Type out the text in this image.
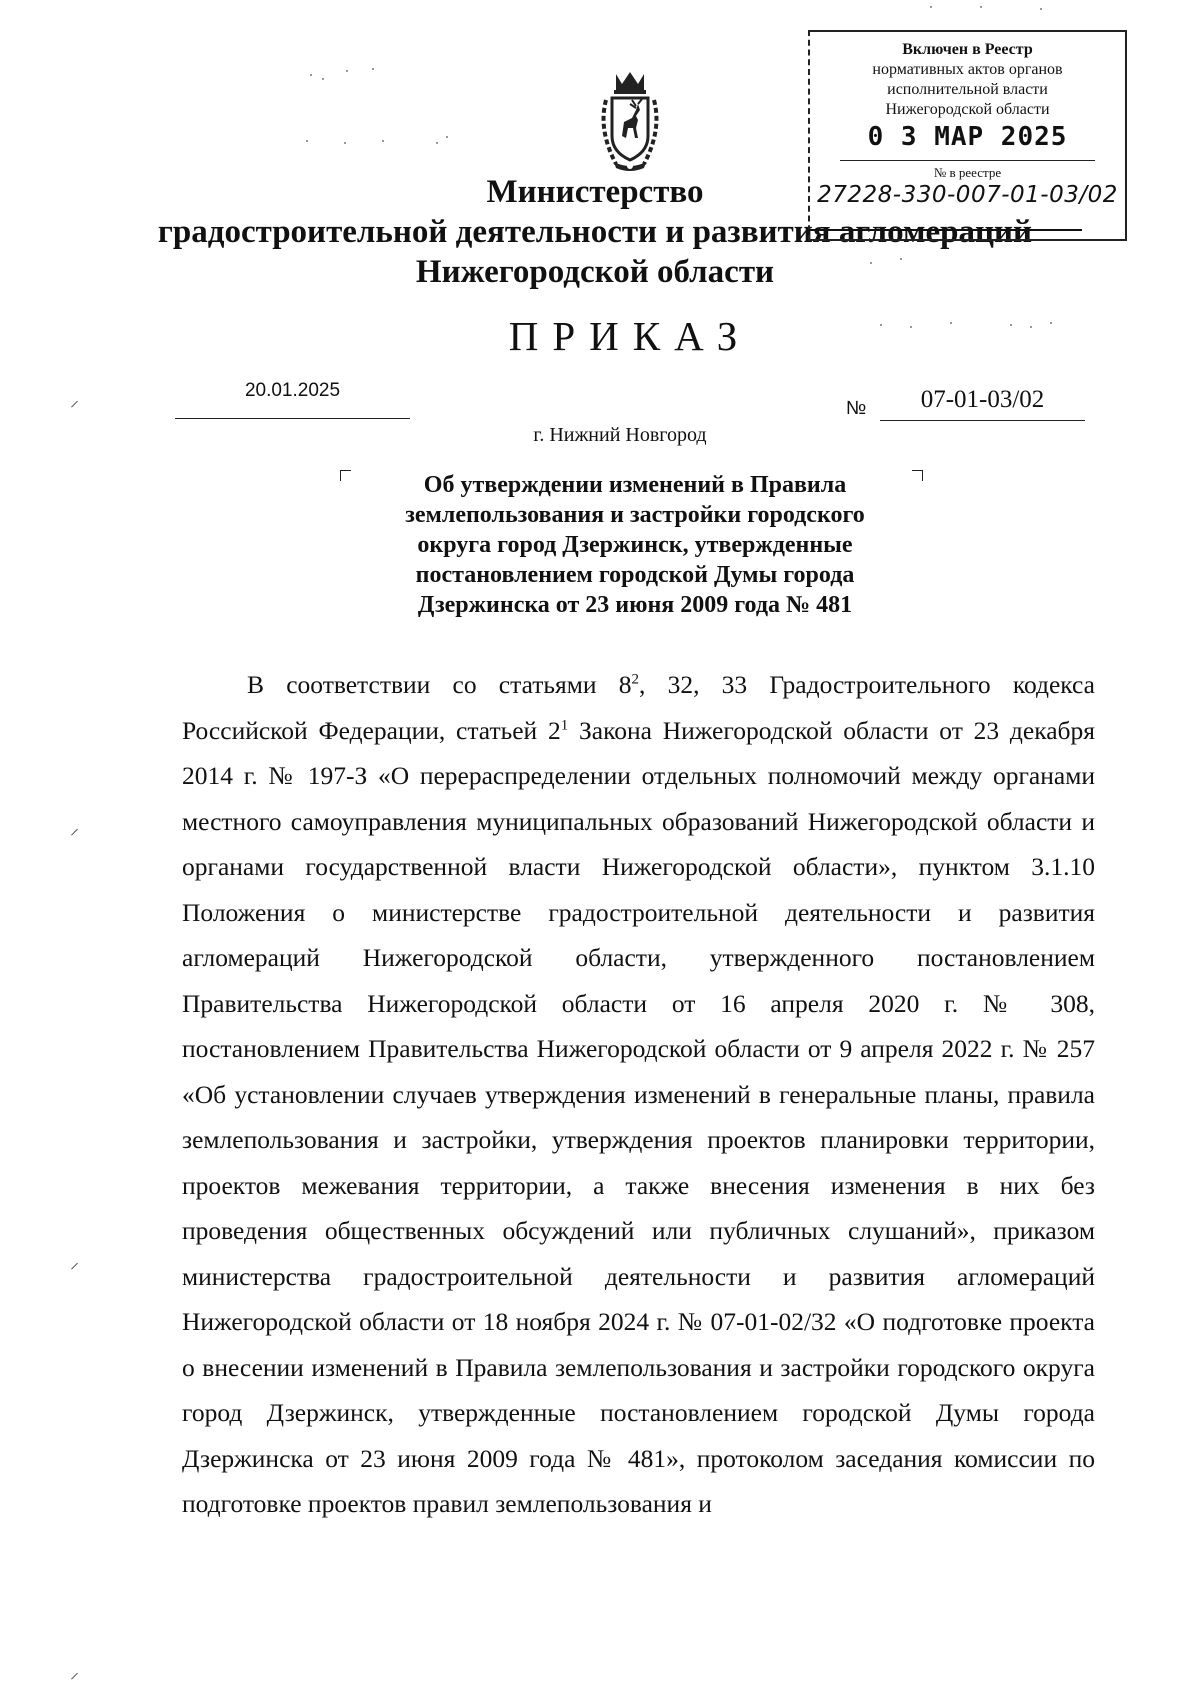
Министерство
градостроительной деятельности и развития агломераций
Нижегородской области
ПРИКАЗ
20.01.2025
№	07-01-03/02
г. Нижний Новгород
Об утверждении изменений в Правила
землепользования и застройки городского
округа город Дзержинск, утвержденные
постановлением городской Думы города
Дзержинска от 23 июня 2009 года № 481
В соответствии со статьями $8^2$, 32, 33 Градостроительного кодекса Российской Федерации, статьей $2^1$ Закона Нижегородской области от 23 декабря 2014 г. № 197-З «О перераспределении отдельных полномочий между органами местного самоуправления муниципальных образований Нижегородской области и органами государственной власти Нижегородской области», пунктом 3.1.10 Положения о министерстве градостроительной деятельности и развития агломераций Нижегородской области, утвержденного постановлением Правительства Нижегородской области от 16 апреля 2020 г. № 308, постановлением Правительства Нижегородской области от 9 апреля 2022 г. № 257 «Об установлении случаев утверждения изменений в генеральные планы, правила землепользования и застройки, утверждения проектов планировки территории, проектов межевания территории, а также внесения изменения в них без проведения общественных обсуждений или публичных слушаний», приказом министерства градостроительной деятельности и развития агломераций Нижегородской области от 18 ноября 2024 г. № 07-01-02/32 «О подготовке проекта о внесении изменений в Правила землепользования и застройки городского округа город Дзержинск, утвержденные постановлением городской Думы города Дзержинска от 23 июня 2009 года № 481», протоколом заседания комиссии по подготовке проектов правил землепользования и
Включен в Реестр
нормативных актов органов
исполнительной власти
Нижегородской области
0 3 МАР 2025
№ в реестре
27228-330-007-01-03/02
⸝
⸝
⸝
⸝
